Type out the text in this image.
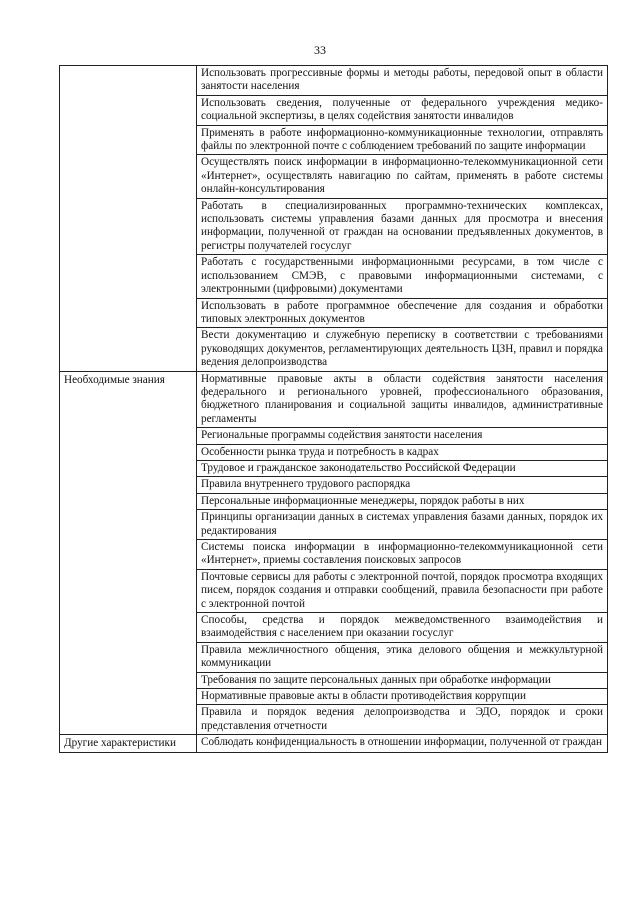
33
	Использовать прогрессивные формы и методы работы, передовой опыт в области занятости населения
	Использовать сведения, полученные от федерального учреждения медико-социальной экспертизы, в целях содействия занятости инвалидов
	Применять в работе информационно-коммуникационные технологии, отправлять файлы по электронной почте с соблюдением требований по защите информации
	Осуществлять поиск информации в информационно-телекоммуникационной сети «Интернет», осуществлять навигацию по сайтам, применять в работе системы онлайн-консультирования
	Работать в специализированных программно-технических комплексах, использовать системы управления базами данных для просмотра и внесения информации, полученной от граждан на основании предъявленных документов, в регистры получателей госуслуг
	Работать с государственными информационными ресурсами, в том числе с использованием СМЭВ, с правовыми информационными системами, с электронными (цифровыми) документами
	Использовать в работе программное обеспечение для создания и обработки типовых электронных документов
	Вести документацию и служебную переписку в соответствии с требованиями руководящих документов, регламентирующих деятельность ЦЗН, правил и порядка ведения делопроизводства
Необходимые знания	Нормативные правовые акты в области содействия занятости населения федерального и регионального уровней, профессионального образования, бюджетного планирования и социальной защиты инвалидов, административные регламенты
	Региональные программы содействия занятости населения
	Особенности рынка труда и потребность в кадрах
	Трудовое и гражданское законодательство Российской Федерации
	Правила внутреннего трудового распорядка
	Персональные информационные менеджеры, порядок работы в них
	Принципы организации данных в системах управления базами данных, порядок их редактирования
	Системы поиска информации в информационно-телекоммуникационной сети «Интернет», приемы составления поисковых запросов
	Почтовые сервисы для работы с электронной почтой, порядок просмотра входящих писем, порядок создания и отправки сообщений, правила безопасности при работе с электронной почтой
	Способы, средства и порядок межведомственного взаимодействия и взаимодействия с населением при оказании госуслуг
	Правила межличностного общения, этика делового общения и межкультурной коммуникации
	Требования по защите персональных данных при обработке информации
	Нормативные правовые акты в области противодействия коррупции
	Правила и порядок ведения делопроизводства и ЭДО, порядок и сроки представления отчетности
Другие характеристики	Соблюдать конфиденциальность в отношении информации, полученной от граждан
